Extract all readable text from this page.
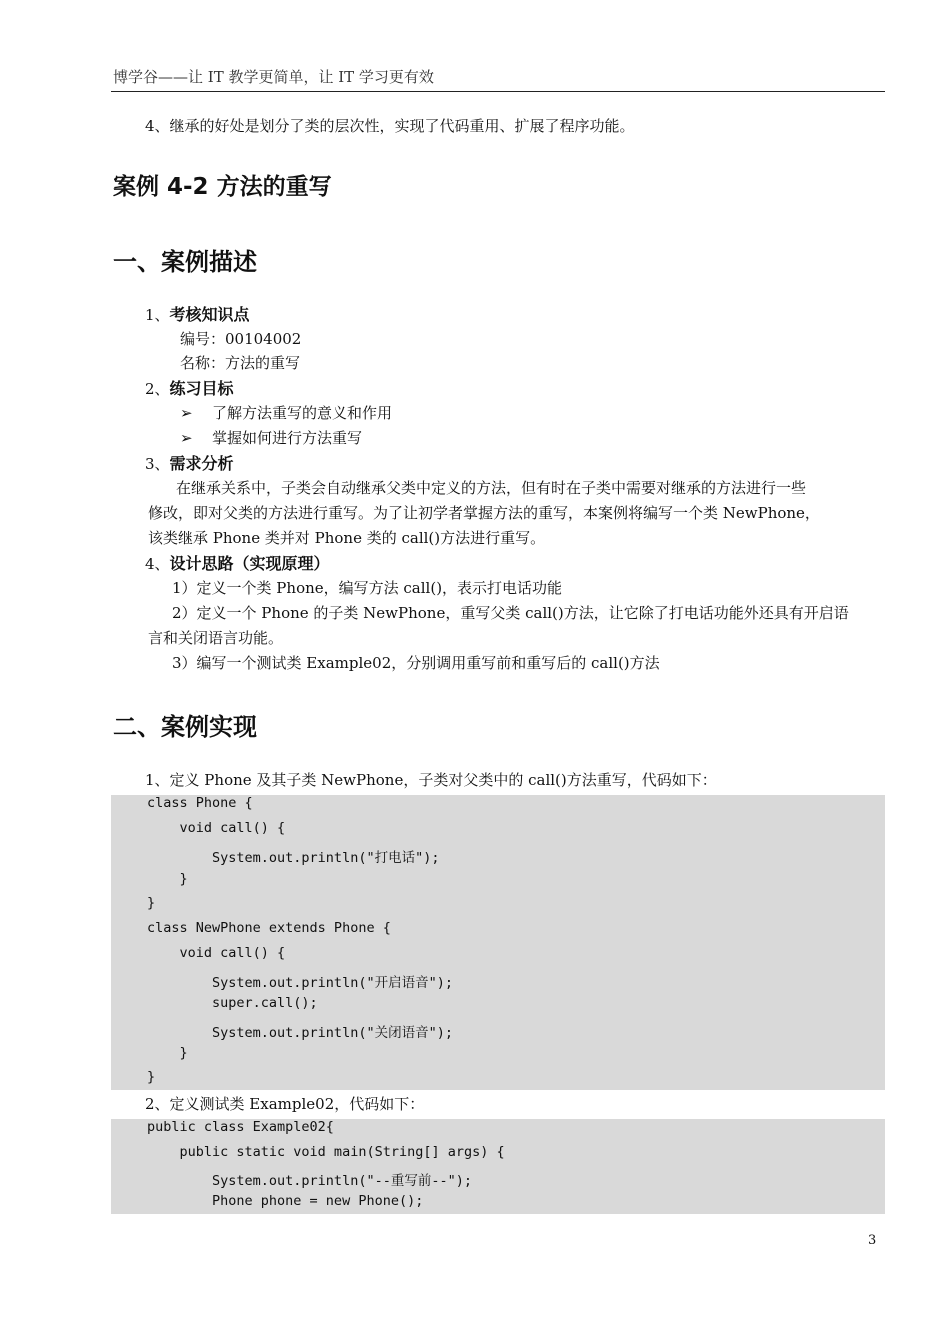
博学谷——让 IT 教学更简单，让 IT 学习更有效
4、继承的好处是划分了类的层次性，实现了代码重用、扩展了程序功能。
案例 4-2 方法的重写
一、案例描述
1、考核知识点
编号：00104002
名称：方法的重写
2、练习目标
➢ 了解方法重写的意义和作用
➢ 掌握如何进行方法重写
3、需求分析
在继承关系中，子类会自动继承父类中定义的方法，但有时在子类中需要对继承的方法进行一些
修改，即对父类的方法进行重写。为了让初学者掌握方法的重写，本案例将编写一个类 NewPhone，
该类继承 Phone 类并对 Phone 类的 call()方法进行重写。
4、设计思路（实现原理）
1）定义一个类 Phone，编写方法 call()，表示打电话功能
2）定义一个 Phone 的子类 NewPhone，重写父类 call()方法，让它除了打电话功能外还具有开启语
言和关闭语言功能。
3）编写一个测试类 Example02，分别调用重写前和重写后的 call()方法
二、案例实现
1、定义 Phone 及其子类 NewPhone，子类对父类中的 call()方法重写，代码如下：
class Phone {
void call() {
System.out.println("打电话");
}
}
class NewPhone extends Phone {
void call() {
System.out.println("开启语音");
super.call();
System.out.println("关闭语音");
}
}
2、定义测试类 Example02，代码如下：
public class Example02{
public static void main(String[] args) {
System.out.println("--重写前--");
Phone phone = new Phone();
3
